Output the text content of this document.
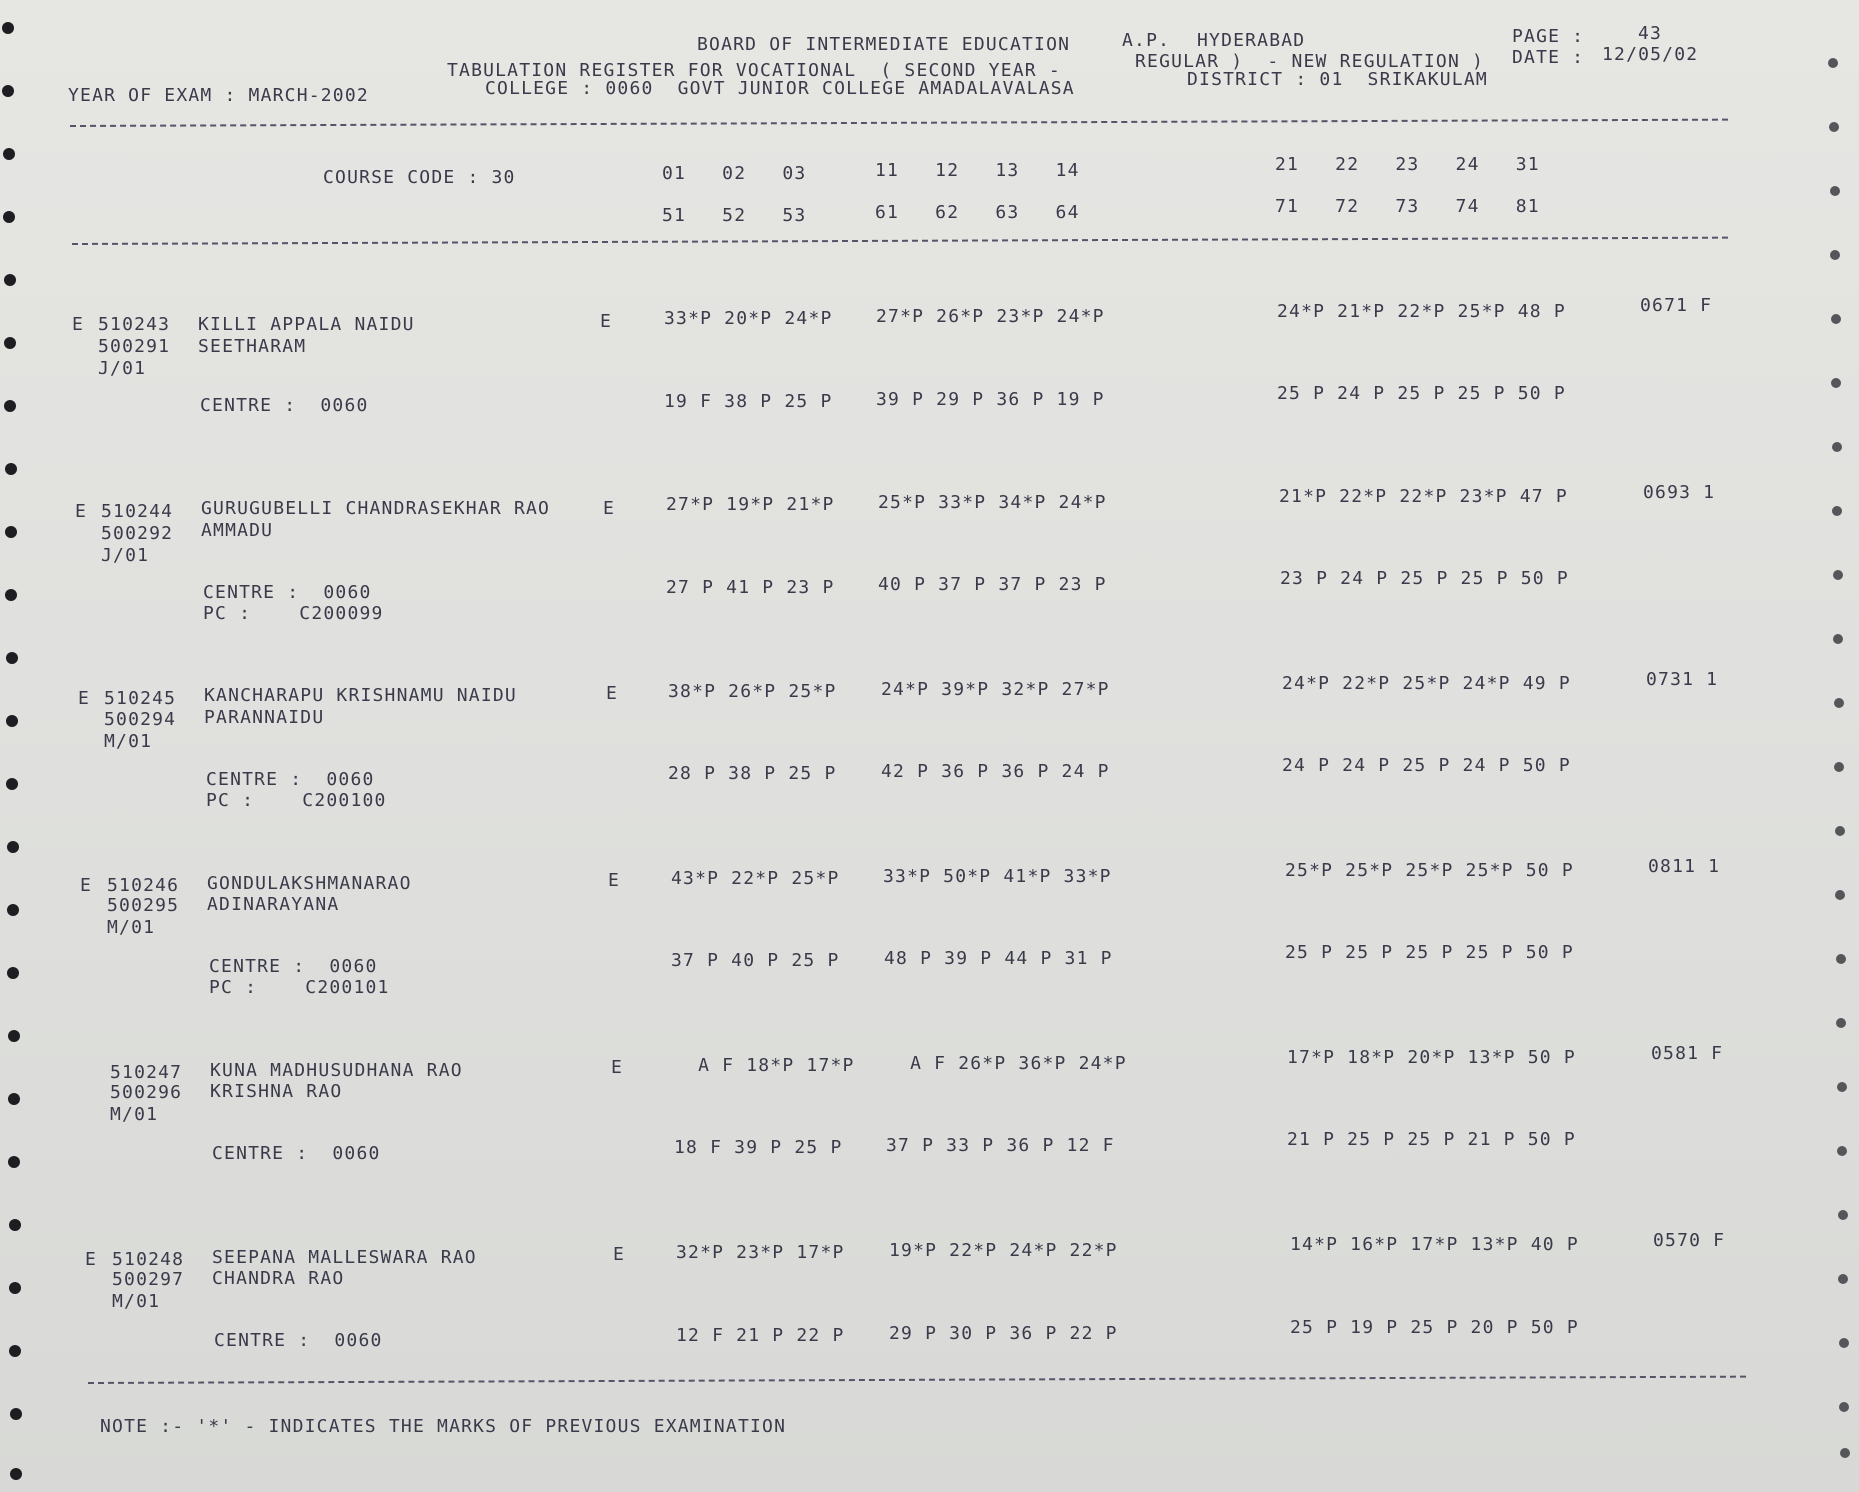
BOARD OF INTERMEDIATE EDUCATION	A.P. HYDERABAD	PAGE :	43
TABULATION REGISTER FOR VOCATIONAL  ( SECOND YEAR -	REGULAR )  - NEW REGULATION ) DATE : 12/05/02
YEAR OF EXAM : MARCH-2002	COLLEGE : 0060  GOVT JUNIOR COLLEGE AMADALAVALASA	DISTRICT : 01  SRIKAKULAM
COURSE CODE : 30	01   02   03	11   12   13   14	21   22   23   24   31
51   52   53	61   62   63   64	71   72   73   74   81
E 510243 KILLI APPALA NAIDU	E	33*P 20*P 24*P 27*P 26*P 23*P 24*P	24*P 21*P 22*P 25*P 48 P	0671 F
500291 SEETHARAM
J/01
CENTRE :  0060	19 F 38 P 25 P 39 P 29 P 36 P 19 P	25 P 24 P 25 P 25 P 50 P
E 510244 GURUGUBELLI CHANDRASEKHAR RAO	E	27*P 19*P 21*P 25*P 33*P 34*P 24*P	21*P 22*P 22*P 23*P 47 P	0693 1
500292 AMMADU
J/01
CENTRE :  0060
PC :    C200099
27 P 41 P 23 P 40 P 37 P 37 P 23 P	23 P 24 P 25 P 25 P 50 P
E 510245 KANCHARAPU KRISHNAMU NAIDU	E	38*P 26*P 25*P 24*P 39*P 32*P 27*P	24*P 22*P 25*P 24*P 49 P	0731 1
500294 PARANNAIDU
M/01
CENTRE :  0060
PC :    C200100
28 P 38 P 25 P 42 P 36 P 36 P 24 P	24 P 24 P 25 P 24 P 50 P
E 510246 GONDULAKSHMANARAO	E	43*P 22*P 25*P 33*P 50*P 41*P 33*P	25*P 25*P 25*P 25*P 50 P	0811 1
500295 ADINARAYANA
M/01
CENTRE :  0060
PC :    C200101
37 P 40 P 25 P 48 P 39 P 44 P 31 P	25 P 25 P 25 P 25 P 50 P
510247 KUNA MADHUSUDHANA RAO	E	A F 18*P 17*P A F 26*P 36*P 24*P	17*P 18*P 20*P 13*P 50 P	0581 F
500296 KRISHNA RAO
M/01
CENTRE :  0060	18 F 39 P 25 P 37 P 33 P 36 P 12 F	21 P 25 P 25 P 21 P 50 P
E 510248 SEEPANA MALLESWARA RAO	E	32*P 23*P 17*P 19*P 22*P 24*P 22*P	14*P 16*P 17*P 13*P 40 P	0570 F
500297 CHANDRA RAO
M/01
CENTRE :  0060	12 F 21 P 22 P 29 P 30 P 36 P 22 P	25 P 19 P 25 P 20 P 50 P
NOTE :- '*' - INDICATES THE MARKS OF PREVIOUS EXAMINATION
